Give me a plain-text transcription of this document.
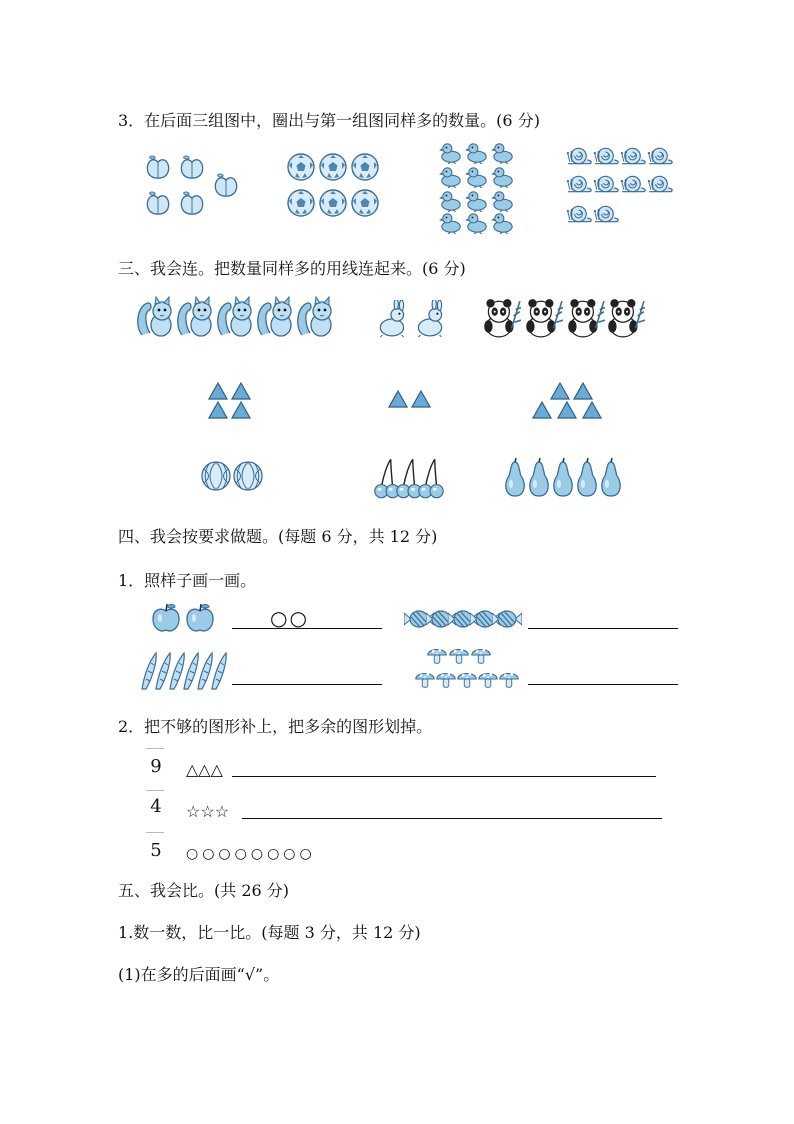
3．在后面三组图中，圈出与第一组图同样多的数量。(6 分)
三、我会连。把数量同样多的用线连起来。(6 分)
四、我会按要求做题。(每题 6 分，共 12 分)
1．照样子画一画。
○○
2．把不够的图形补上，把多余的图形划掉。
9 △△△
4 ☆☆☆
5	○○○○○○○○
五、我会比。(共 26 分)
1.数一数，比一比。(每题 3 分，共 12 分)
(1)在多的后面画“√”。
